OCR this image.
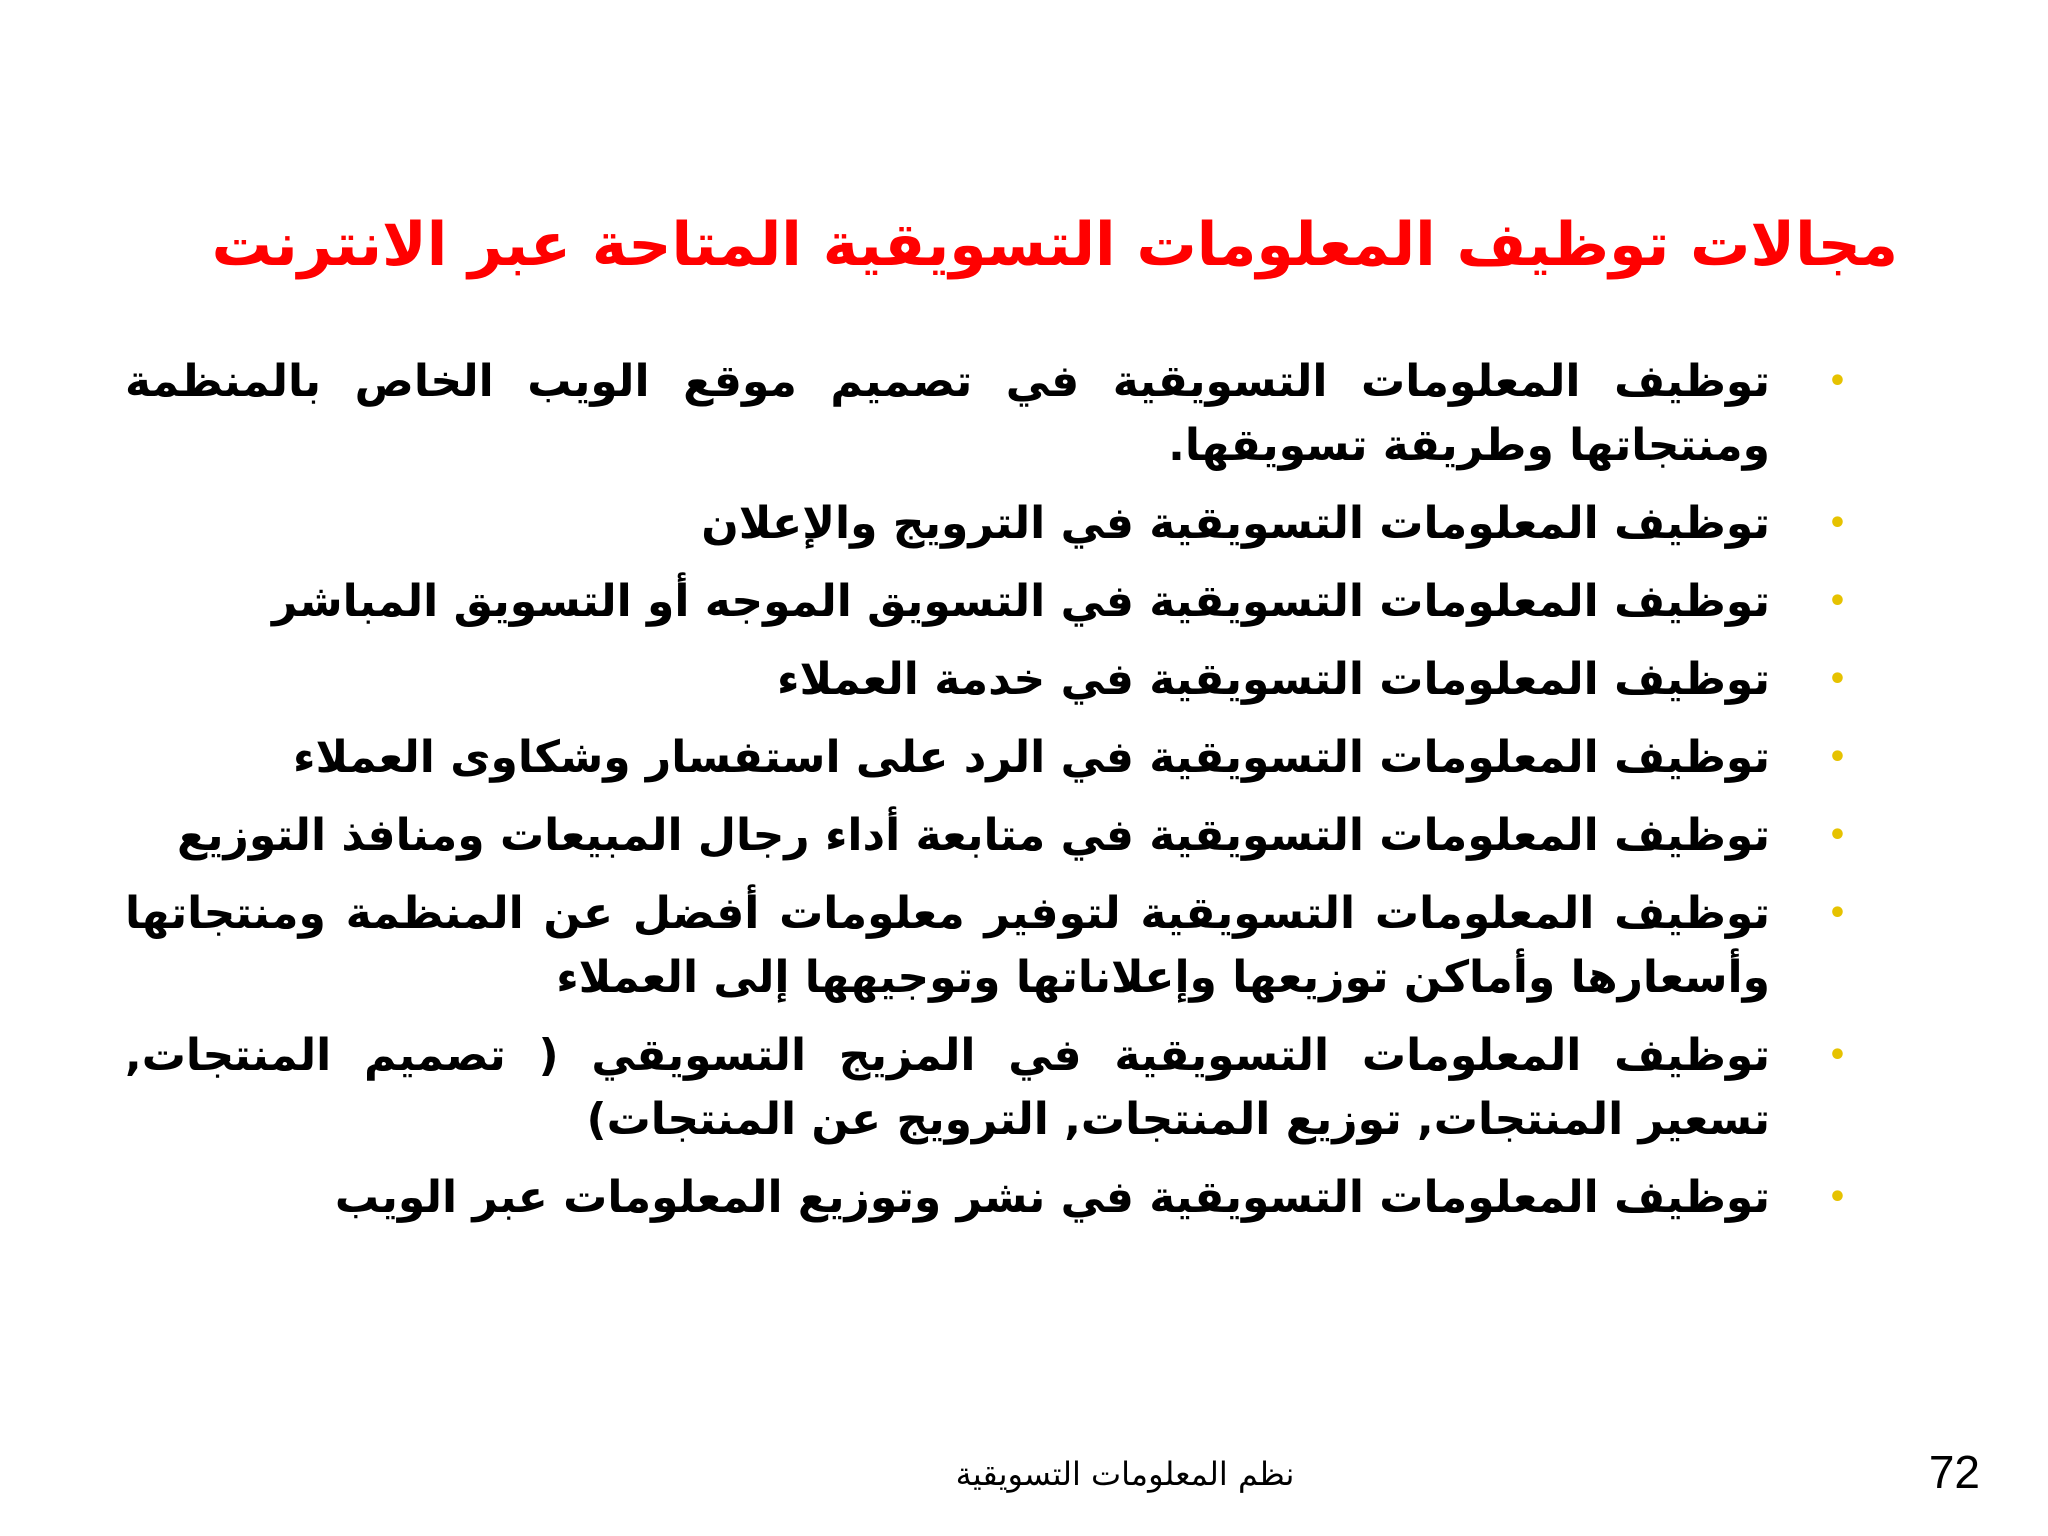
مجالات توظيف المعلومات التسويقية المتاحة عبر الانترنت
•
توظيف المعلومات التسويقية في تصميم موقع الويب الخاص بالمنظمة ومنتجاتها وطريقة تسويقها.
•
توظيف المعلومات التسويقية في الترويج والإعلان
•
توظيف المعلومات التسويقية في التسويق الموجه أو التسويق المباشر
•
توظيف المعلومات التسويقية في خدمة العملاء
•
توظيف المعلومات التسويقية في الرد على استفسار وشكاوى العملاء
•
توظيف المعلومات التسويقية في متابعة أداء رجال المبيعات ومنافذ التوزيع
•
توظيف المعلومات التسويقية لتوفير معلومات أفضل عن المنظمة ومنتجاتها وأسعارها وأماكن توزيعها وإعلاناتها وتوجيهها إلى العملاء
•
توظيف المعلومات التسويقية في المزيج التسويقي ( تصميم المنتجات, تسعير المنتجات, توزيع المنتجات, الترويج عن المنتجات)
•
توظيف المعلومات التسويقية في نشر وتوزيع المعلومات عبر الويب
نظم المعلومات التسويقية	72
